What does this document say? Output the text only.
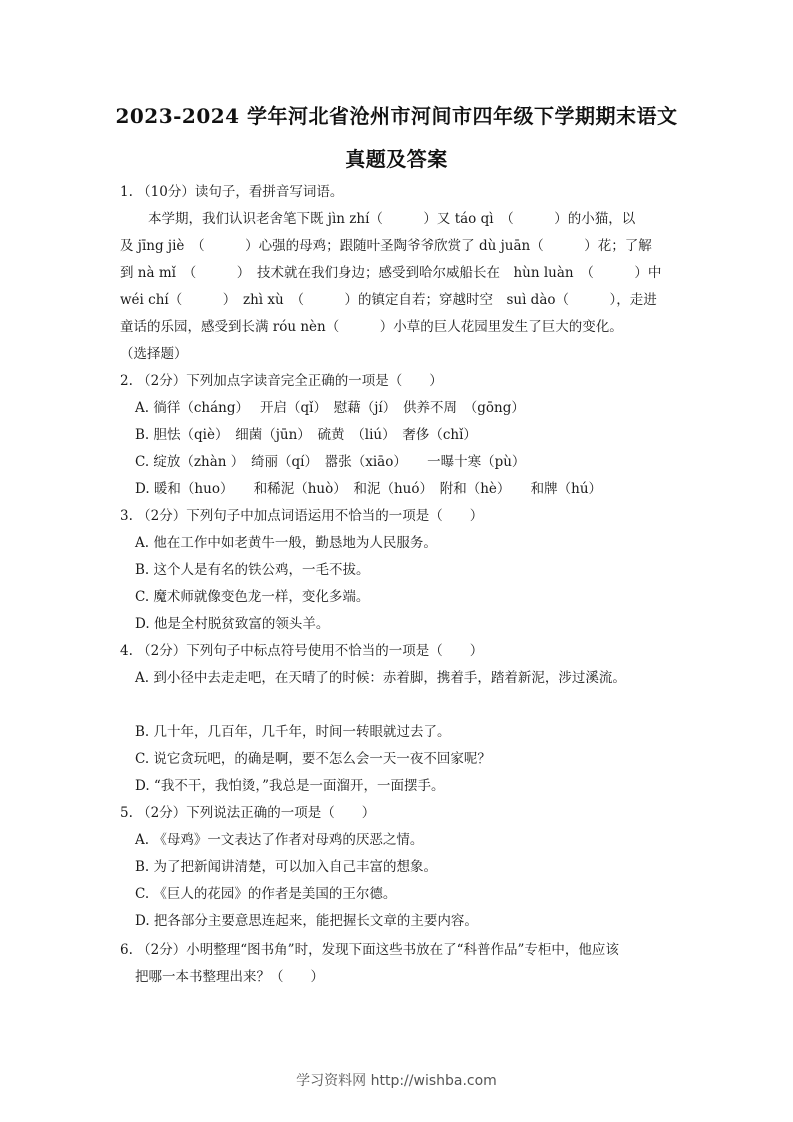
2023-2024 学年河北省沧州市河间市四年级下学期期末语文
真题及答案
1. （10分）读句子，看拼音写词语。
本学期，我们认识老舍笔下既 jìn zhí（　　　）又 táo qì　（　　　）的小猫，以
及 jīng jiè　（　　　）心强的母鸡；跟随叶圣陶爷爷欣赏了 dù juān（　　　）花；了解
到 nà mǐ　（　　　）　技术就在我们身边；感受到哈尔威船长在　hùn luàn　（　　　）中
wéi chí（　　　）　zhì xù　（　　　）的镇定自若；穿越时空　suì dào（　　　），走进
童话的乐园，感受到长满 róu nèn（　　　）小草的巨人花园里发生了巨大的变化。
（选择题）
2. （2分）下列加点字读音完全正确的一项是（　　）
A. 徜徉（cháng）　 开启（qǐ）　慰藉（jí）　供养不周　（gōng）
B. 胆怯（qiè）　细菌（jūn）　硫黄　（liú）　奢侈（chǐ）
C. 绽放（zhàn ）　绮丽（qí）　嚣张（xiāo）　　一曝十寒（pù）
D. 暖和（huo）　　和稀泥（huò）　和泥（huó）　附和（hè）　　和牌（hú）
3. （2分）下列句子中加点词语运用不恰当的一项是（　　）
A. 他在工作中如老黄牛一般，勤恳地为人民服务。
B. 这个人是有名的铁公鸡，一毛不拔。
C. 魔术师就像变色龙一样，变化多端。
D. 他是全村脱贫致富的领头羊。
4. （2分）下列句子中标点符号使用不恰当的一项是（　　）
A. 到小径中去走走吧，在天晴了的时候：赤着脚，携着手，踏着新泥，涉过溪流。
B. 几十年，几百年，几千年，时间一转眼就过去了。
C. 说它贪玩吧，的确是啊，要不怎么会一天一夜不回家呢？
D. “我不干，我怕烫，”我总是一面溜开，一面摆手。
5. （2分）下列说法正确的一项是（　　）
A. 《母鸡》一文表达了作者对母鸡的厌恶之情。
B. 为了把新闻讲清楚，可以加入自己丰富的想象。
C. 《巨人的花园》的作者是美国的王尔德。
D. 把各部分主要意思连起来，能把握长文章的主要内容。
6. （2分）小明整理“图书角”时，发现下面这些书放在了“科普作品”专柜中，他应该
把哪一本书整理出来？（　　）
学习资料网 http://wishba.com
